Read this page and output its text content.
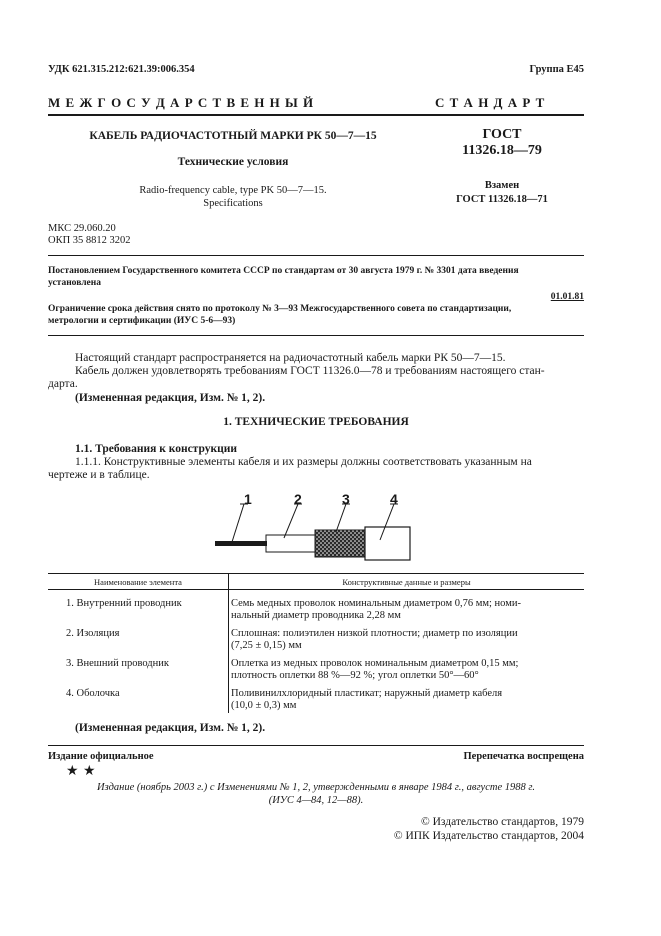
УДК 621.315.212:621.39:006.354	Группа Е45
М Е Ж Г О С У Д А Р С Т В Е Н Н Ы Й	С Т А Н Д А Р Т
КАБЕЛЬ РАДИОЧАСТОТНЫЙ МАРКИ РК 50—7—15
Технические условия
Radio-frequency cable, type PK 50—7—15.
Specifications
ГОСТ
11326.18—79
Взамен
ГОСТ 11326.18—71
МКС 29.060.20
ОКП 35 8812 3202
Постановлением Государственного комитета СССР по стандартам от 30 августа 1979 г. № 3301 дата введения
установлена
01.01.81
Ограничение срока действия снято по протоколу № 3—93 Межгосударственного совета по стандартизации,
метрологии и сертификации (ИУС 5-6—93)
Настоящий стандарт распространяется на радиочастотный кабель марки РК 50—7—15.
Кабель должен удовлетворять требованиям ГОСТ 11326.0—78 и требованиям настоящего стан-
дарта.
(Измененная редакция, Изм. № 1, 2).
1. ТЕХНИЧЕСКИЕ ТРЕБОВАНИЯ
1.1. Требования к конструкции
1.1.1. Конструктивные элементы кабеля и их размеры должны соответствовать указанным на
чертеже и в таблице.
1	2	3	4
Наименование элемента	Конструктивные данные и размеры
1. Внутренний проводник	Семь медных проволок номинальным диаметром 0,76 мм; номи-
нальный диаметр проводника 2,28 мм
2. Изоляция	Сплошная: полиэтилен низкой плотности; диаметр по изоляции
(7,25 ± 0,15) мм
3. Внешний проводник	Оплетка из медных проволок номинальным диаметром 0,15 мм;
плотность оплетки 88 %—92 %; угол оплетки 50°—60°
4. Оболочка	Поливинилхлоридный пластикат; наружный диаметр кабеля
(10,0 ± 0,3) мм
(Измененная редакция, Изм. № 1, 2).
Издание официальное	Перепечатка воспрещена
★ ★
Издание (ноябрь 2003 г.) с Изменениями № 1, 2, утвержденными в январе 1984 г., августе 1988 г.
(ИУС 4—84, 12—88).
© Издательство стандартов, 1979
© ИПК Издательство стандартов, 2004
